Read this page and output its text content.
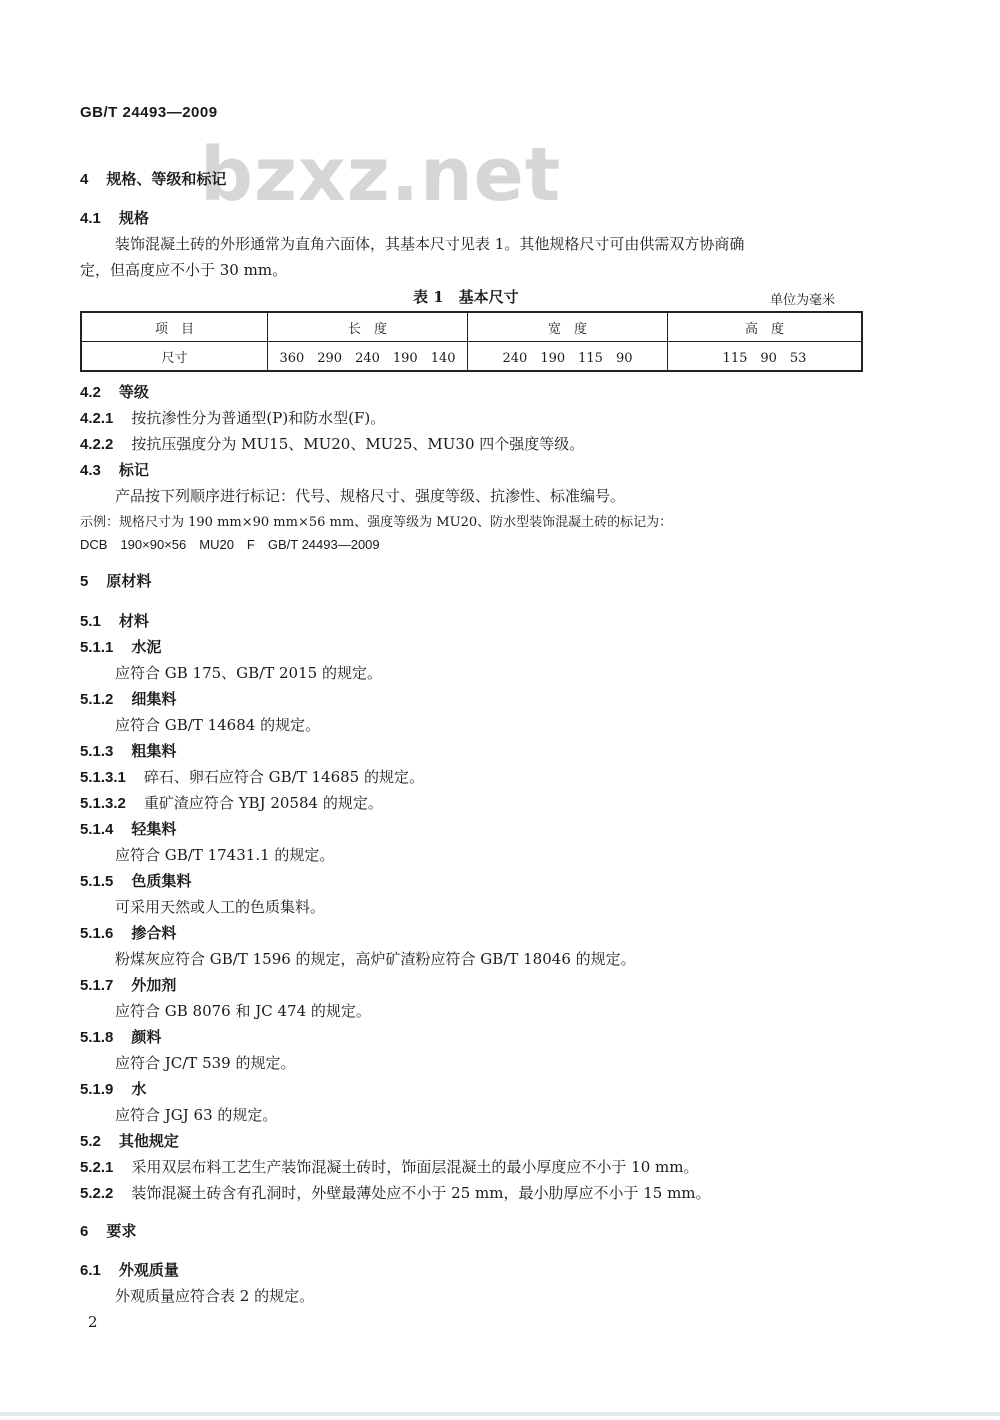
GB/T 24493—2009
bzxz.net
4 规格、等级和标记
4.1 规格
装饰混凝土砖的外形通常为直角六面体，其基本尺寸见表 1。其他规格尺寸可由供需双方协商确
定，但高度应不小于 30 mm。
表 1　基本尺寸	单位为毫米
项　目	长　度	宽　度	高　度
尺寸	360　290　240　190　140	240　190　115　90	115　90　53
4.2 等级
4.2.1 按抗渗性分为普通型(P)和防水型(F)。
4.2.2 按抗压强度分为 MU15、MU20、MU25、MU30 四个强度等级。
4.3 标记
产品按下列顺序进行标记：代号、规格尺寸、强度等级、抗渗性、标准编号。
示例：规格尺寸为 190 mm×90 mm×56 mm、强度等级为 MU20、防水型装饰混凝土砖的标记为：
DCB　190×90×56　MU20　F　GB/T 24493—2009
5 原材料
5.1 材料
5.1.1 水泥
应符合 GB 175、GB/T 2015 的规定。
5.1.2 细集料
应符合 GB/T 14684 的规定。
5.1.3 粗集料
5.1.3.1 碎石、卵石应符合 GB/T 14685 的规定。
5.1.3.2 重矿渣应符合 YBJ 20584 的规定。
5.1.4 轻集料
应符合 GB/T 17431.1 的规定。
5.1.5 色质集料
可采用天然或人工的色质集料。
5.1.6 掺合料
粉煤灰应符合 GB/T 1596 的规定，高炉矿渣粉应符合 GB/T 18046 的规定。
5.1.7 外加剂
应符合 GB 8076 和 JC 474 的规定。
5.1.8 颜料
应符合 JC/T 539 的规定。
5.1.9 水
应符合 JGJ 63 的规定。
5.2 其他规定
5.2.1 采用双层布料工艺生产装饰混凝土砖时，饰面层混凝土的最小厚度应不小于 10 mm。
5.2.2 装饰混凝土砖含有孔洞时，外壁最薄处应不小于 25 mm，最小肋厚应不小于 15 mm。
6 要求
6.1 外观质量
外观质量应符合表 2 的规定。
2
